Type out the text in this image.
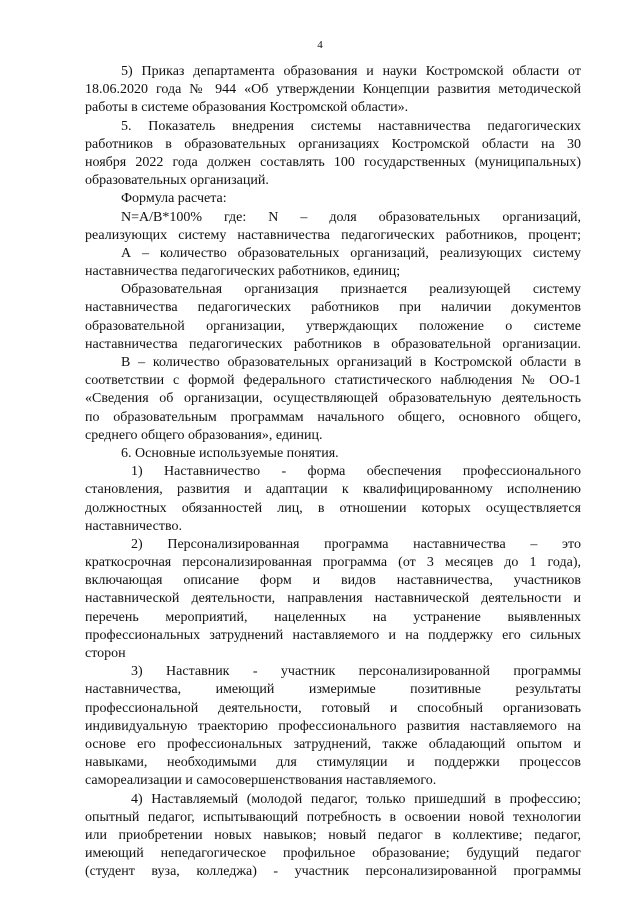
4
5) Приказ департамента образования и науки Костромской области от
18.06.2020 года № 944 «Об утверждении Концепции развития методической
работы в системе образования Костромской области».
5. Показатель внедрения системы наставничества педагогических
работников в образовательных организациях Костромской области на 30
ноября 2022 года должен составлять 100 государственных (муниципальных)
образовательных организаций.
Формула расчета:
N=А/В*100% где: N – доля образовательных организаций,
реализующих систему наставничества педагогических работников, процент;
А – количество образовательных организаций, реализующих систему
наставничества педагогических работников, единиц;
Образовательная организация признается реализующей систему
наставничества педагогических работников при наличии документов
образовательной организации, утверждающих положение о системе
наставничества педагогических работников в образовательной организации.
В – количество образовательных организаций в Костромской области в
соответствии с формой федерального статистического наблюдения № ОО-1
«Сведения об организации, осуществляющей образовательную деятельность
по образовательным программам начального общего, основного общего,
среднего общего образования», единиц.
6. Основные используемые понятия.
1) Наставничество - форма обеспечения профессионального
становления, развития и адаптации к квалифицированному исполнению
должностных обязанностей лиц, в отношении которых осуществляется
наставничество.
2) Персонализированная программа наставничества – это
краткосрочная персонализированная программа (от 3 месяцев до 1 года),
включающая описание форм и видов наставничества, участников
наставнической деятельности, направления наставнической деятельности и
перечень мероприятий, нацеленных на устранение выявленных
профессиональных затруднений наставляемого и на поддержку его сильных
сторон
3) Наставник - участник персонализированной программы
наставничества, имеющий измеримые позитивные результаты
профессиональной деятельности, готовый и способный организовать
индивидуальную траекторию профессионального развития наставляемого на
основе его профессиональных затруднений, также обладающий опытом и
навыками, необходимыми для стимуляции и поддержки процессов
самореализации и самосовершенствования наставляемого.
4) Наставляемый (молодой педагог, только пришедший в профессию;
опытный педагог, испытывающий потребность в освоении новой технологии
или приобретении новых навыков; новый педагог в коллективе; педагог,
имеющий непедагогическое профильное образование; будущий педагог
(студент вуза, колледжа) - участник персонализированной программы
